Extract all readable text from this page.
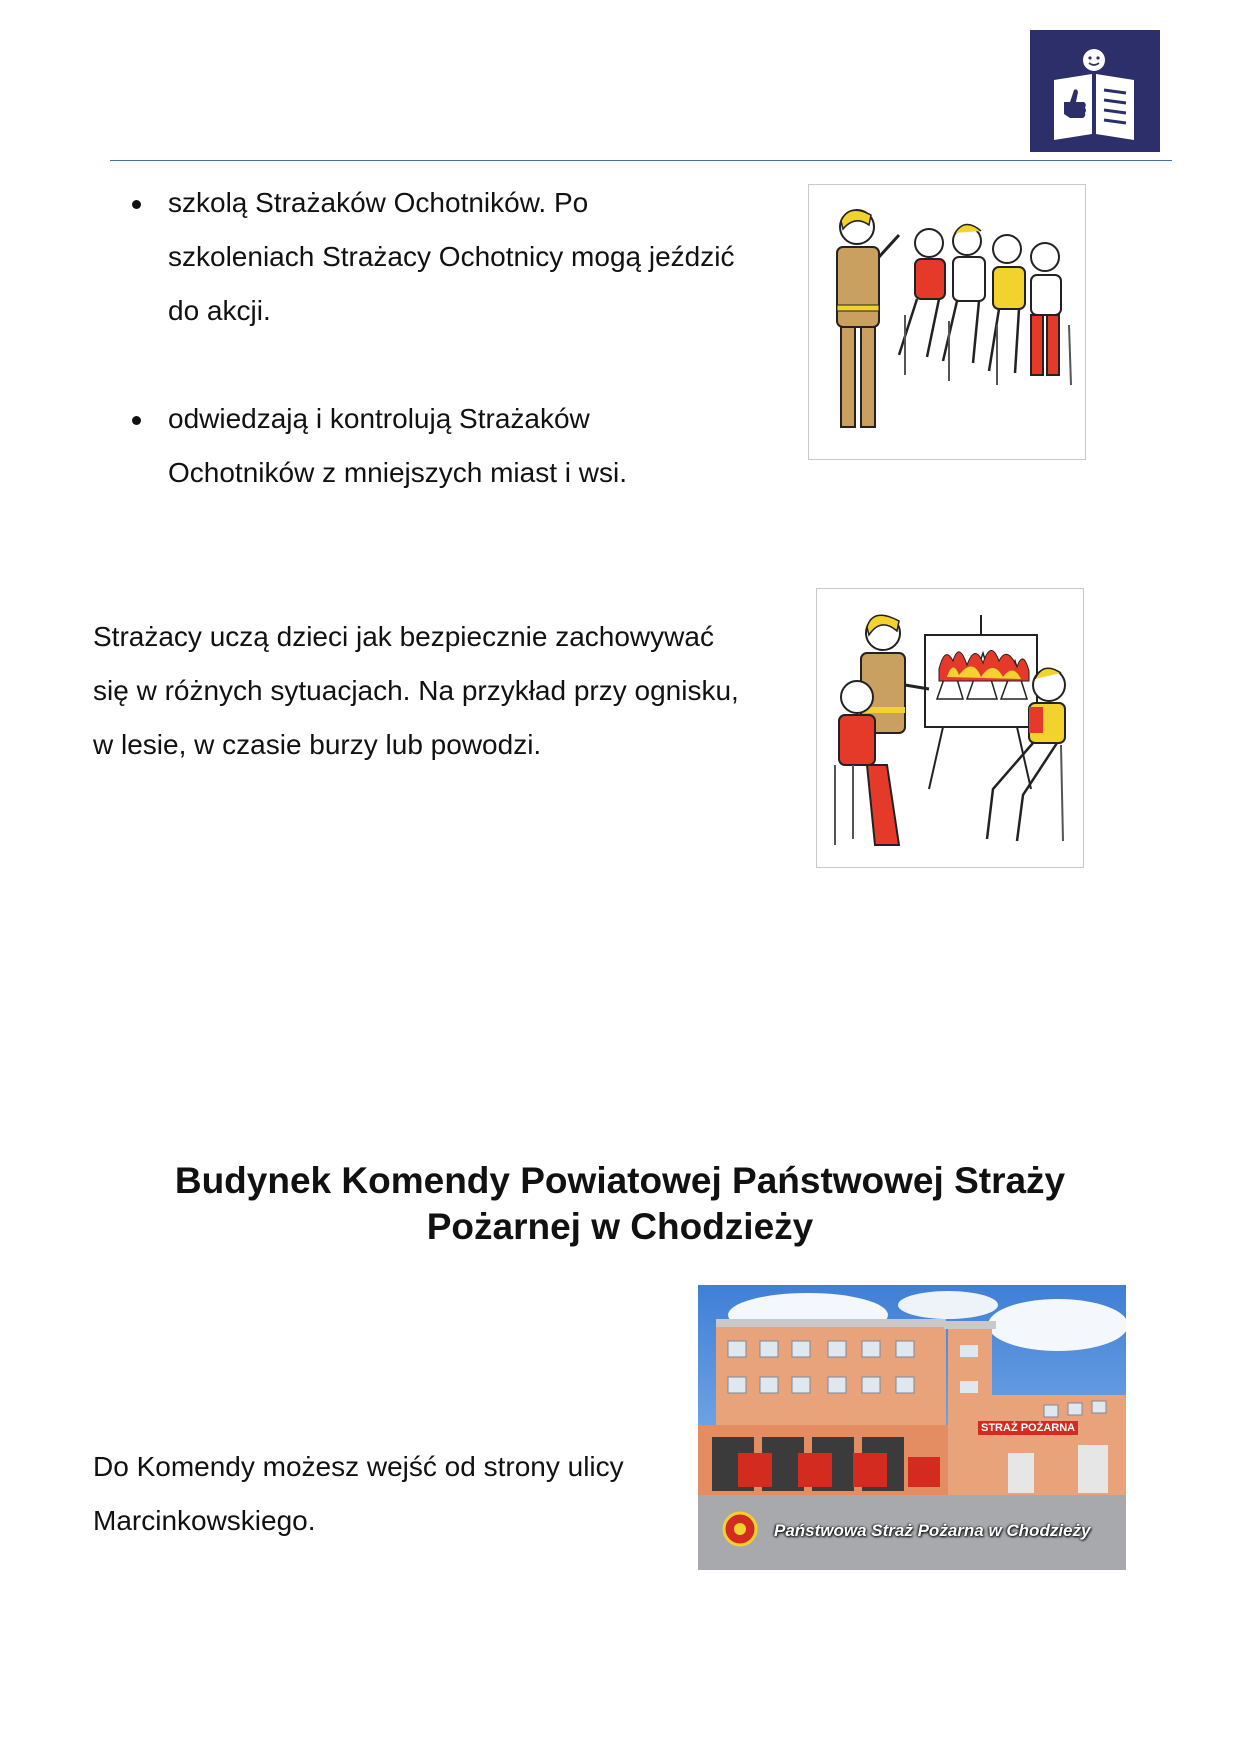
szkolą Strażaków Ochotników. Po szkoleniach Strażacy Ochotnicy mogą jeździć do akcji.
odwiedzają i kontrolują Strażaków Ochotników z mniejszych miast i wsi.
Strażacy uczą dzieci jak bezpiecznie zachowywać się w różnych sytuacjach. Na przykład przy ognisku, w lesie, w czasie burzy lub powodzi.
Budynek Komendy Powiatowej Państwowej Straży
Pożarnej w Chodzieży
Do Komendy możesz wejść od strony ulicy Marcinkowskiego.
STRAŻ POŻARNA
Państwowa Straż Pożarna w Chodzieży
